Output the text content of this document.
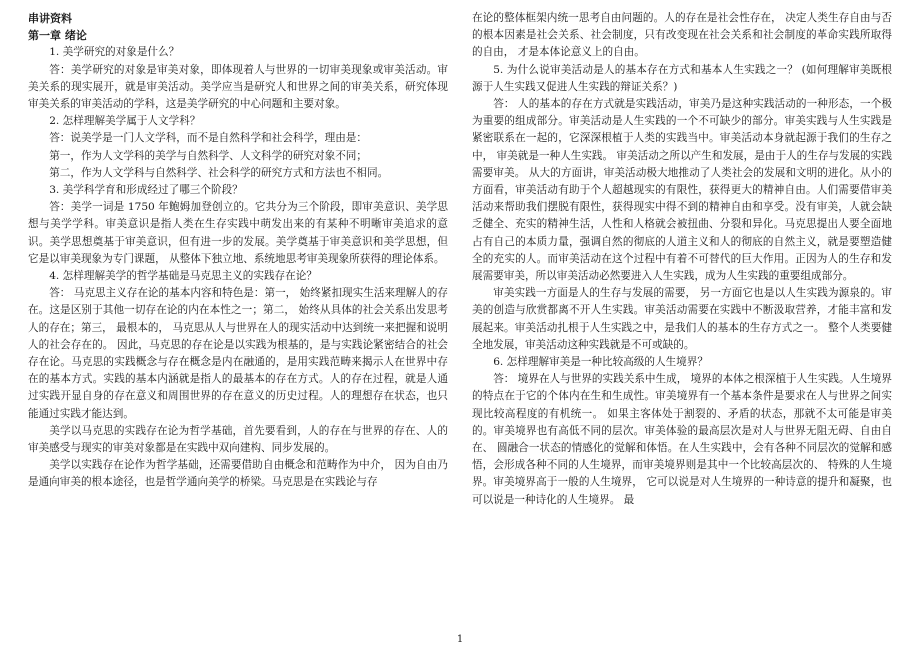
串讲资料

第一章 绪论

1. 美学研究的对象是什么？

答：美学研究的对象是审美对象，即体现着人与世界的一切审美现象或审美活动。审美关系的现实展开，就是审美活动。美学应当是研究人和世界之间的审美关系，研究体现审美关系的审美活动的学科，这是美学研究的中心问题和主要对象。

2. 怎样理解美学属于人文学科？

答：说美学是一门人文学科，而不是自然科学和社会科学，理由是：

第一，作为人文学科的美学与自然科学、人文科学的研究对象不同；

第二，作为人文学科与自然科学、社会科学的研究方式和方法也不相同。

3. 美学科学育和形成经过了哪三个阶段？

答：美学一词是 1750 年鲍姆加登创立的。它共分为三个阶段，即审美意识、美学思想与美学学科。审美意识是指人类在生存实践中萌发出来的有某种不明晰审美追求的意识。美学思想奠基于审美意识，但有进一步的发展。美学奠基于审美意识和美学思想，但它是以审美现象为专门课题， 从整体下独立地、系统地思考审美现象所获得的理论体系。

4. 怎样理解美学的哲学基础是马克思主义的实践存在论？

答： 马克思主义存在论的基本内容和特色是：第一， 始终紧扣现实生活来理解人的存在。这是区别于其他一切存在论的内在本性之一；第二， 始终从具体的社会关系出发思考人的存在；第三， 最根本的， 马克思从人与世界在人的现实活动中达到统一来把握和说明人的社会存在的。 因此，马克思的存在论是以实践为根基的，是与实践论紧密结合的社会存在论。马克思的实践概念与存在概念是内在融通的，是用实践范畴来揭示人在世界中存在的基本方式。实践的基本内涵就是指人的最基本的存在方式。人的存在过程，就是人通过实践开显自身的存在意义和周围世界的存在意义的历史过程。人的理想存在状态，也只能通过实践才能达到。

美学以马克思的实践存在论为哲学基础，首先要看到，人的存在与世界的存在、人的审美感受与现实的审美对象都是在实践中双向建构、同步发展的。

美学以实践存在论作为哲学基础，还需要借助自由概念和范畴作为中介， 因为自由乃是通向审美的根本途径，也是哲学通向美学的桥梁。马克思是在实践论与存

在论的整体框架内统一思考自由问题的。人的存在是社会性存在， 决定人类生存自由与否的根本因素是社会关系、社会制度，只有改变现在社会关系和社会制度的革命实践所取得的自由， 才是本体论意义上的自由。

5. 为什么说审美活动是人的基本存在方式和基本人生实践之一？ (如何理解审美既根源于人生实践又促进人生实践的辩证关系？)

答： 人的基本的存在方式就是实践活动，审美乃是这种实践活动的一种形态，一个极为重要的组成部分。审美活动是人生实践的一个不可缺少的部分。审美实践与人生实践是紧密联系在一起的，它深深根植于人类的实践当中。审美活动本身就起源于我们的生存之中， 审美就是一种人生实践。 审美活动之所以产生和发展，是由于人的生存与发展的实践需要审美。 从大的方面讲，审美活动极大地推动了人类社会的发展和文明的进化。从小的方面看，审美活动有助于个人超越现实的有限性，获得更大的精神自由。人们需要借审美活动来帮助我们摆脱有限性，获得现实中得不到的精神自由和享受。没有审美，人就会缺乏健全、充实的精神生活，人性和人格就会被扭曲、分裂和异化。马克思提出人要全面地占有自己的本质力量，强调自然的彻底的人道主义和人的彻底的自然主义，就是要塑造健全的充实的人。而审美活动在这个过程中有着不可替代的巨大作用。正因为人的生存和发展需要审美，所以审美活动必然要进入人生实践，成为人生实践的重要组成部分。

审美实践一方面是人的生存与发展的需要， 另一方面它也是以人生实践为源泉的。审美的创造与欣赏都离不开人生实践。审美活动需要在实践中不断汲取营养，才能丰富和发展起来。审美活动扎根于人生实践之中，是我们人的基本的生存方式之一。 整个人类要健全地发展，审美活动这种实践就是不可或缺的。

6. 怎样理解审美是一种比较高级的人生境界？

答： 境界在人与世界的实践关系中生成， 境界的本体之根深植于人生实践。人生境界的特点在于它的个体内在生和生成性。审美境界有一个基本条件是要求在人与世界之间实现比较高程度的有机统一。 如果主客体处于割裂的、矛盾的状态，那就不太可能是审美的。审美境界也有高低不同的层次。审美体验的最高层次是对人与世界无阻无碍、自由自在、 圆融合一状态的情感化的觉解和体悟。在人生实践中，会有各种不同层次的觉解和感悟，会形成各种不同的人生境界，而审美境界则是其中一个比较高层次的、 特殊的人生境界。审美境界高于一般的人生境界， 它可以说是对人生境界的一种诗意的提升和凝聚，也可以说是一种诗化的人生境界。 最

1
